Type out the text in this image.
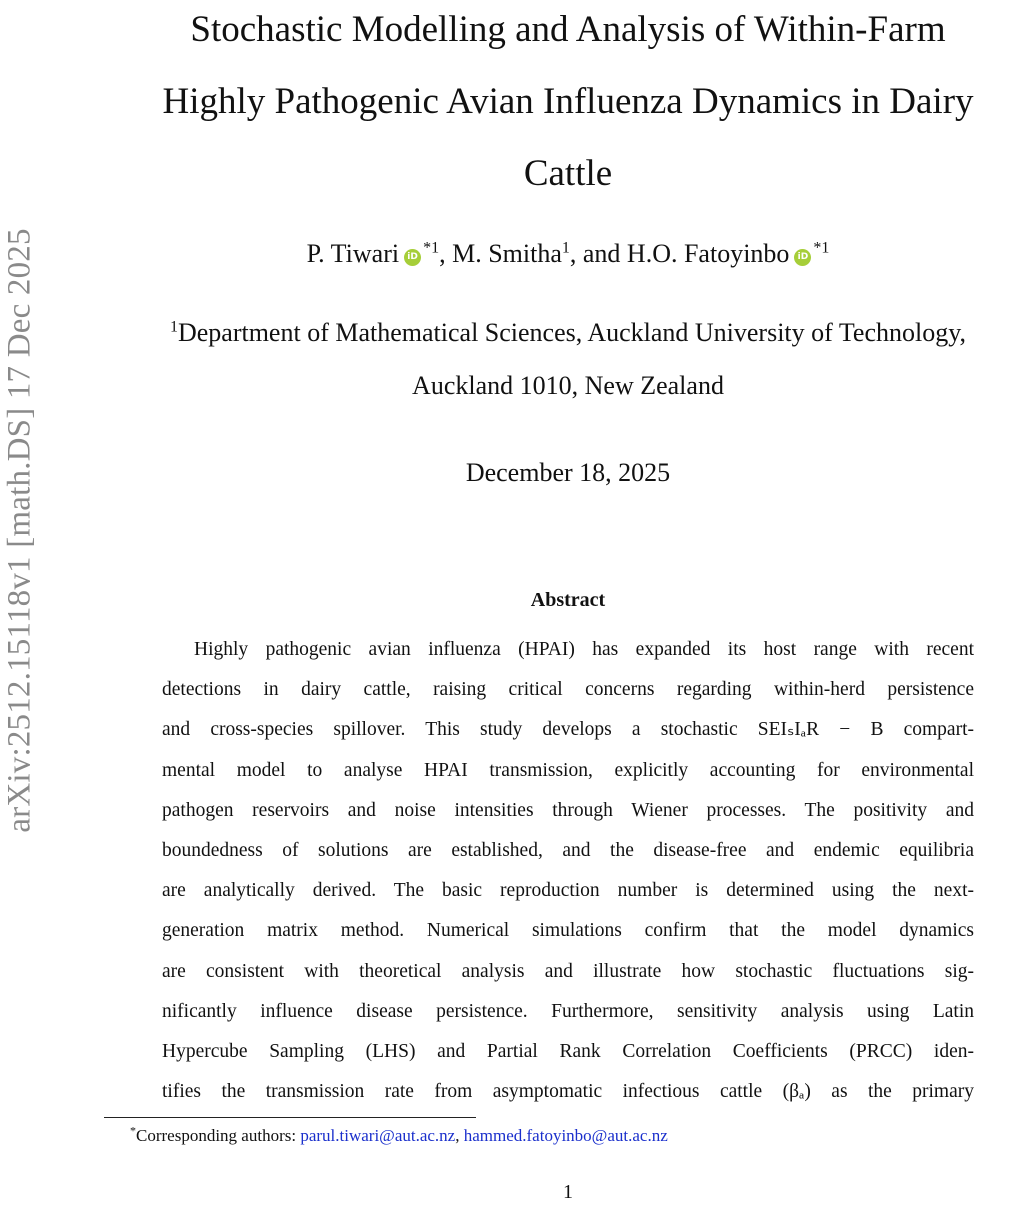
arXiv:2512.15118v1 [math.DS] 17 Dec 2025
Stochastic Modelling and Analysis of Within-Farm
Highly Pathogenic Avian Influenza Dynamics in Dairy
Cattle
P. Tiwari $iD^{*1}$, M. Smitha$^1$, and H.O. Fatoyinbo $iD^{*1}$
$^1$Department of Mathematical Sciences, Auckland University of Technology,
Auckland 1010, New Zealand
December 18, 2025
Abstract
Highly pathogenic avian influenza (HPAI) has expanded its host range with recent
detections in dairy cattle, raising critical concerns regarding within-herd persistence
and cross-species spillover. This study develops a stochastic SEIₛIₐR − B compart-
mental model to analyse HPAI transmission, explicitly accounting for environmental
pathogen reservoirs and noise intensities through Wiener processes. The positivity and
boundedness of solutions are established, and the disease-free and endemic equilibria
are analytically derived. The basic reproduction number is determined using the next-
generation matrix method. Numerical simulations confirm that the model dynamics
are consistent with theoretical analysis and illustrate how stochastic fluctuations sig-
nificantly influence disease persistence. Furthermore, sensitivity analysis using Latin
Hypercube Sampling (LHS) and Partial Rank Correlation Coefficients (PRCC) iden-
tifies the transmission rate from asymptomatic infectious cattle (βₐ) as the primary
*Corresponding authors: parul.tiwari@aut.ac.nz, hammed.fatoyinbo@aut.ac.nz
1
